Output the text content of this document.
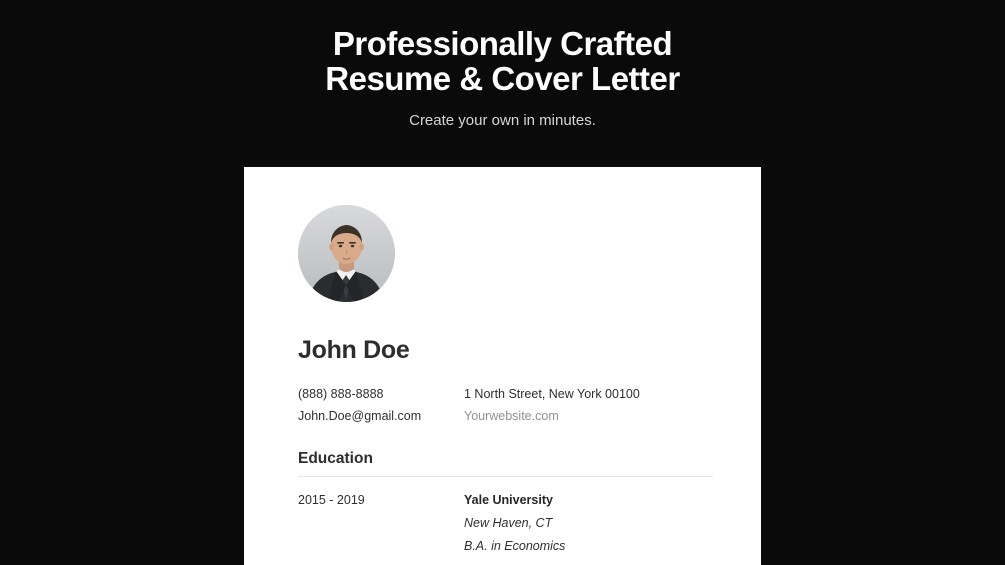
Professionally Crafted
Resume & Cover Letter
Create your own in minutes.
John Doe
(888) 888-8888	1 North Street, New York 00100
John.Doe@gmail.com	Yourwebsite.com
Education
2015 - 2019	Yale University
New Haven, CT
B.A. in Economics
